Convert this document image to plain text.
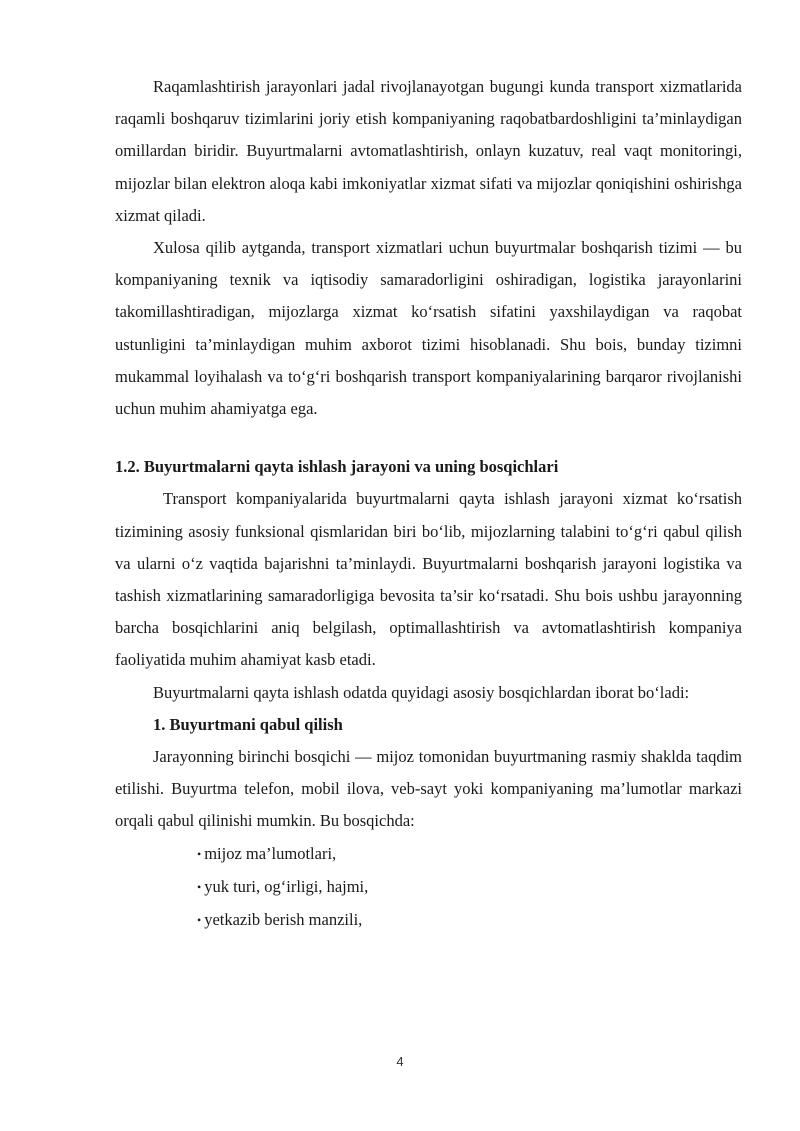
Raqamlashtirish jarayonlari jadal rivojlanayotgan bugungi kunda transport xizmatlarida raqamli boshqaruv tizimlarini joriy etish kompaniyaning raqobatbardoshligini ta’minlaydigan omillardan biridir. Buyurtmalarni avtomatlashtirish, onlayn kuzatuv, real vaqt monitoringi, mijozlar bilan elektron aloqa kabi imkoniyatlar xizmat sifati va mijozlar qoniqishini oshirishga xizmat qiladi.

Xulosa qilib aytganda, transport xizmatlari uchun buyurtmalar boshqarish tizimi — bu kompaniyaning texnik va iqtisodiy samaradorligini oshiradigan, logistika jarayonlarini takomillashtiradigan, mijozlarga xizmat ko‘rsatish sifatini yaxshilaydigan va raqobat ustunligini ta’minlaydigan muhim axborot tizimi hisoblanadi. Shu bois, bunday tizimni mukammal loyihalash va to‘g‘ri boshqarish transport kompaniyalarining barqaror rivojlanishi uchun muhim ahamiyatga ega.

1.2. Buyurtmalarni qayta ishlash jarayoni va uning bosqichlari

Transport kompaniyalarida buyurtmalarni qayta ishlash jarayoni xizmat ko‘rsatish tizimining asosiy funksional qismlaridan biri bo‘lib, mijozlarning talabini to‘g‘ri qabul qilish va ularni o‘z vaqtida bajarishni ta’minlaydi. Buyurtmalarni boshqarish jarayoni logistika va tashish xizmatlarining samaradorligiga bevosita ta’sir ko‘rsatadi. Shu bois ushbu jarayonning barcha bosqichlarini aniq belgilash, optimallashtirish va avtomatlashtirish kompaniya faoliyatida muhim ahamiyat kasb etadi.

Buyurtmalarni qayta ishlash odatda quyidagi asosiy bosqichlardan iborat bo‘ladi:

1. Buyurtmani qabul qilish

Jarayonning birinchi bosqichi — mijoz tomonidan buyurtmaning rasmiy shaklda taqdim etilishi. Buyurtma telefon, mobil ilova, veb-sayt yoki kompaniyaning ma’lumotlar markazi orqali qabul qilinishi mumkin. Bu bosqichda:

• mijoz ma’lumotlari,
• yuk turi, og‘irligi, hajmi,
• yetkazib berish manzili,
4
